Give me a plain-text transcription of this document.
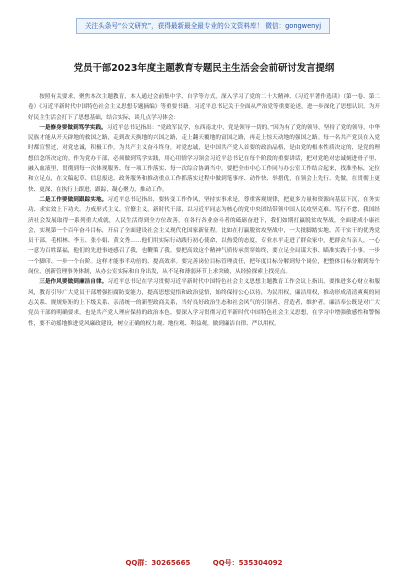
关注头条号“公文研究”，获得最新最全最专业的公文资料库！ 微信：gongwenyj
党员干部2023年度主题教育专题民主生活会会前研讨发言提纲

按照有关要求，聚焦本次主题教育，本人通过会前集中学、自学等方式，深入学习了党的二十大精神、《习近平著作选读》（第一卷、第二卷）《习近平新时代中国特色社会主义思想专题摘编》等重要书籍。习近平总书记关于全面从严治党等重要论述，进一步深化了思想认识，为开好民主生活会打下了思想基础，结合实际，谈几点学习体会：

一是修身要做到笃学实践。习近平总书记指出：“党政军民学，东西南北中，党是领导一切的。”因为有了党的领导，坚持了党的领导，中华民族才能从开天辟地的救国之路，走到改天换地的兴国之路，走上翻天覆地的富国之路，再走上惊天动地的强国之路。每一名共产党员在入党时都宣誓过，对党忠诚，积极工作，为共产主义奋斗终身，对党忠诚，是中国共产党人首要的政治品格，是由党的根本性质决定的，是党的理想信念所决定的。作为党办干部，必须做到笃学实践，用心用情学习领会习近平总书记在每个阶段的重要讲话，把对党绝对忠诚刻进骨子里、融入血液里，贯彻到每一次体现服务、每一项工作落实、每一次综合协调当中。要把全市中心工作同与办公室工作结合起来，找准坐标，定位和立足点，在文稿起草、信息报送、政务服务和推动重点工作抓落实过程中做到笔事序、动作快、举措优，在领会上先行、先做，在贯彻上更快、更深，在执行上跟进、跟踪，凝心聚力，推动工作。

二是工作要做到跟踪实地。习近平总书记指出，要转变工作作风，坚持实事求是，尊重客观规律，把更多力量和资源向基层下沉，在务实功、求实效上下功夫。力戒形式主义、官僚主义。新时代干部，以习近平同志为核心的党中央团结带领中国人民攻坚克难、笃行不怠，我国经济社会发展取得一系列重大成就，人民生活得到全方位改善，在各行各业奋斗者的砥砺奋进下，我们如期打赢脱贫攻坚战，全面建成小康社会，实现第一个百年奋斗目标，开启了全面建设社会主义现代化国家新征程。比如在打赢脱贫攻坚战中，一大批脚踏实地、苦干实干的优秀党员干部，毛相林、李玉、张小娟、黄文秀……他们用实际行动践行初心使命，以热爱的态度，专业水平走进了群众家中，把群众当亲人，一心一意为百姓谋福，他们的先进事迹感召了我，也鞭策了我。要把高效这个精神气质传承贯穿始终，要立足全局谋大事、瞄准实践干小事。一步一个脚印、一步一个台阶。这样才能事半功倍的、提高效率。要完善岗位目标管理责任，把年度目标分解到每个岗位，把整体目标分解到每个岗位，创新管理事务体制，从办公室实际和自身出发，从不足和薄弱环节上求突破，从经验探索上找亮点。

三是作风要做到廉洁自律。习近平总书记在学习贯彻习近平新时代中国特色社会主义思想主题教育工作会议上指出，要推进多心财立和服风，教育引导广大党员干部增强拒腐防变能力，提高思想觉悟和政治觉悟，始终保持公心以待，为民用权，廉洁用权，推动形成清清爽爽的同志关系、规规矩矩的上下级关系、亲清统一的新型政商关系，当好良好政治生态和社会风气的引领者、营造者，维护者。廉洁奉公既是对广大党员干部的明确要求，也是共产党人理应保持的政治本色。要深入学习贯彻习近平新时代中国特色社会主义思想，在学习中增强敏感性和警惕性，要不动摇地推进党风廉政建设，树立正确的权力观、地位观、利益观，做到廉洁自律、严以用权。

QQ群：30265665	QQ号：535304092
